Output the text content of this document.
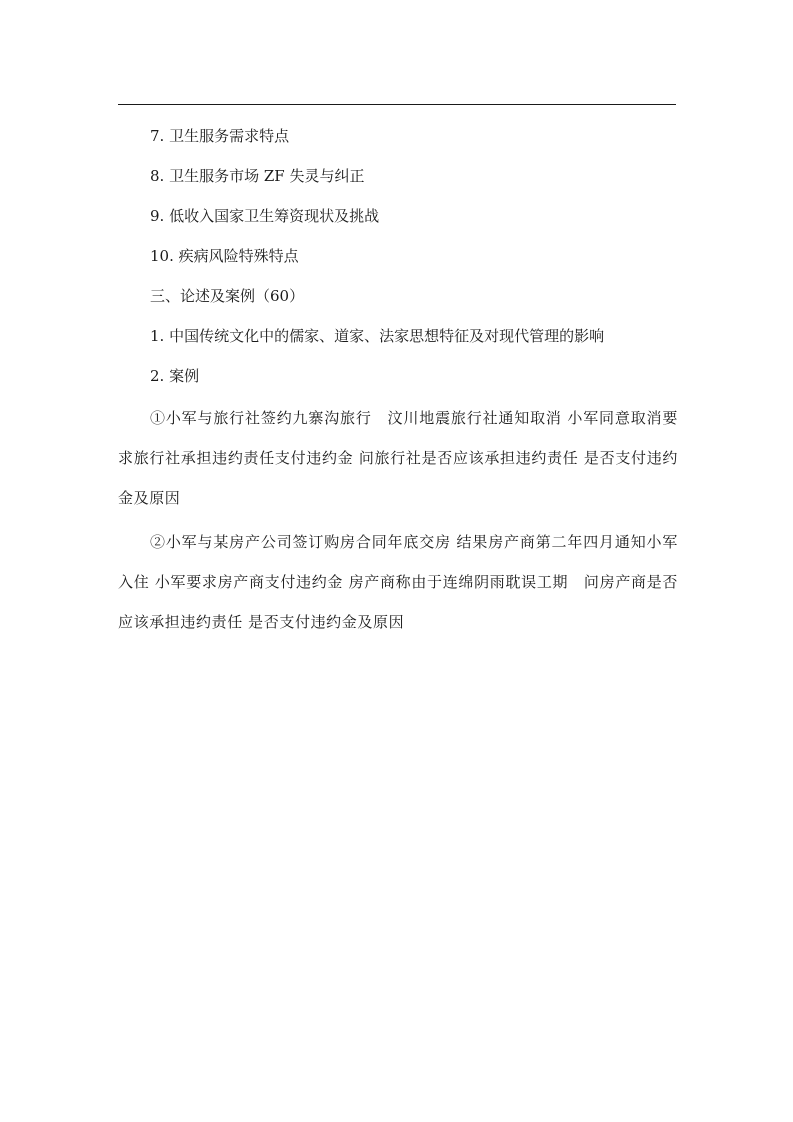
7. 卫生服务需求特点
8. 卫生服务市场 ZF 失灵与纠正
9. 低收入国家卫生筹资现状及挑战
10. 疾病风险特殊特点
三、论述及案例（60）
1. 中国传统文化中的儒家、道家、法家思想特征及对现代管理的影响
2. 案例

①小军与旅行社签约九寨沟旅行　汶川地震旅行社通知取消 小军同意取消要求旅行社承担违约责任支付违约金 问旅行社是否应该承担违约责任 是否支付违约金及原因

②小军与某房产公司签订购房合同年底交房 结果房产商第二年四月通知小军入住 小军要求房产商支付违约金 房产商称由于连绵阴雨耽误工期　问房产商是否应该承担违约责任 是否支付违约金及原因
